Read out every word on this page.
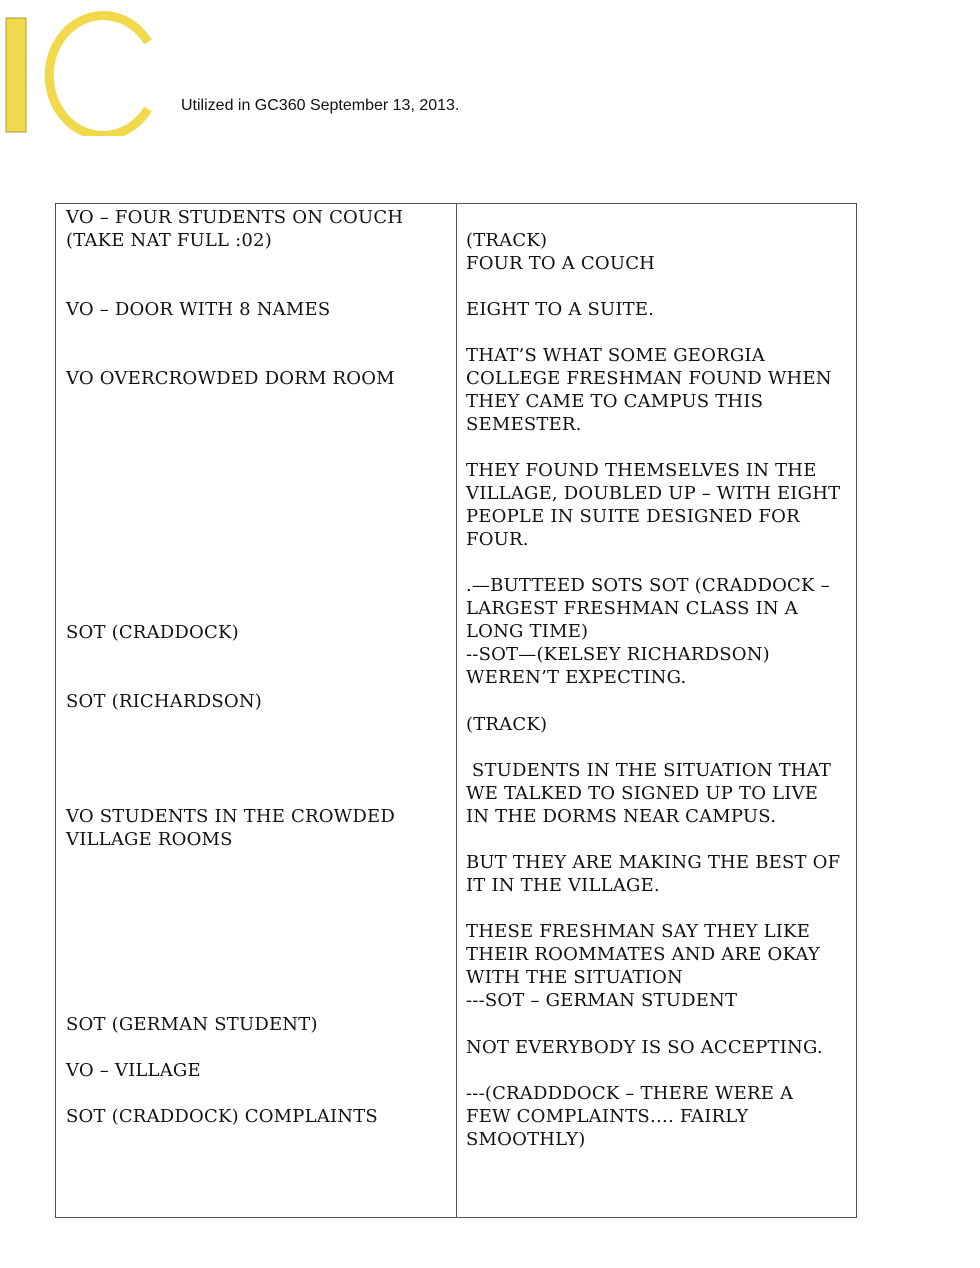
Utilized in GC360 September 13, 2013.
VO – FOUR STUDENTS ON COUCH
(TAKE NAT FULL :02)
VO – DOOR WITH 8 NAMES
VO OVERCROWDED DORM ROOM
SOT (CRADDOCK)
SOT (RICHARDSON)
VO STUDENTS IN THE CROWDED
VILLAGE ROOMS
SOT (GERMAN STUDENT)
VO – VILLAGE
SOT (CRADDOCK) COMPLAINTS
(TRACK)
FOUR TO A COUCH
EIGHT TO A SUITE.
THAT’S WHAT SOME GEORGIA
COLLEGE FRESHMAN FOUND WHEN
THEY CAME TO CAMPUS THIS
SEMESTER.
THEY FOUND THEMSELVES IN THE
VILLAGE, DOUBLED UP – WITH EIGHT
PEOPLE IN SUITE DESIGNED FOR
FOUR.
.—BUTTEED SOTS SOT (CRADDOCK –
LARGEST FRESHMAN CLASS IN A
LONG TIME)
--SOT—(KELSEY RICHARDSON)
WEREN’T EXPECTING.
(TRACK)
STUDENTS IN THE SITUATION THAT
WE TALKED TO SIGNED UP TO LIVE
IN THE DORMS NEAR CAMPUS.
BUT THEY ARE MAKING THE BEST OF
IT IN THE VILLAGE.
THESE FRESHMAN SAY THEY LIKE
THEIR ROOMMATES AND ARE OKAY
WITH THE SITUATION
---SOT – GERMAN STUDENT
NOT EVERYBODY IS SO ACCEPTING.
---(CRADDDOCK – THERE WERE A
FEW COMPLAINTS…. FAIRLY
SMOOTHLY)
